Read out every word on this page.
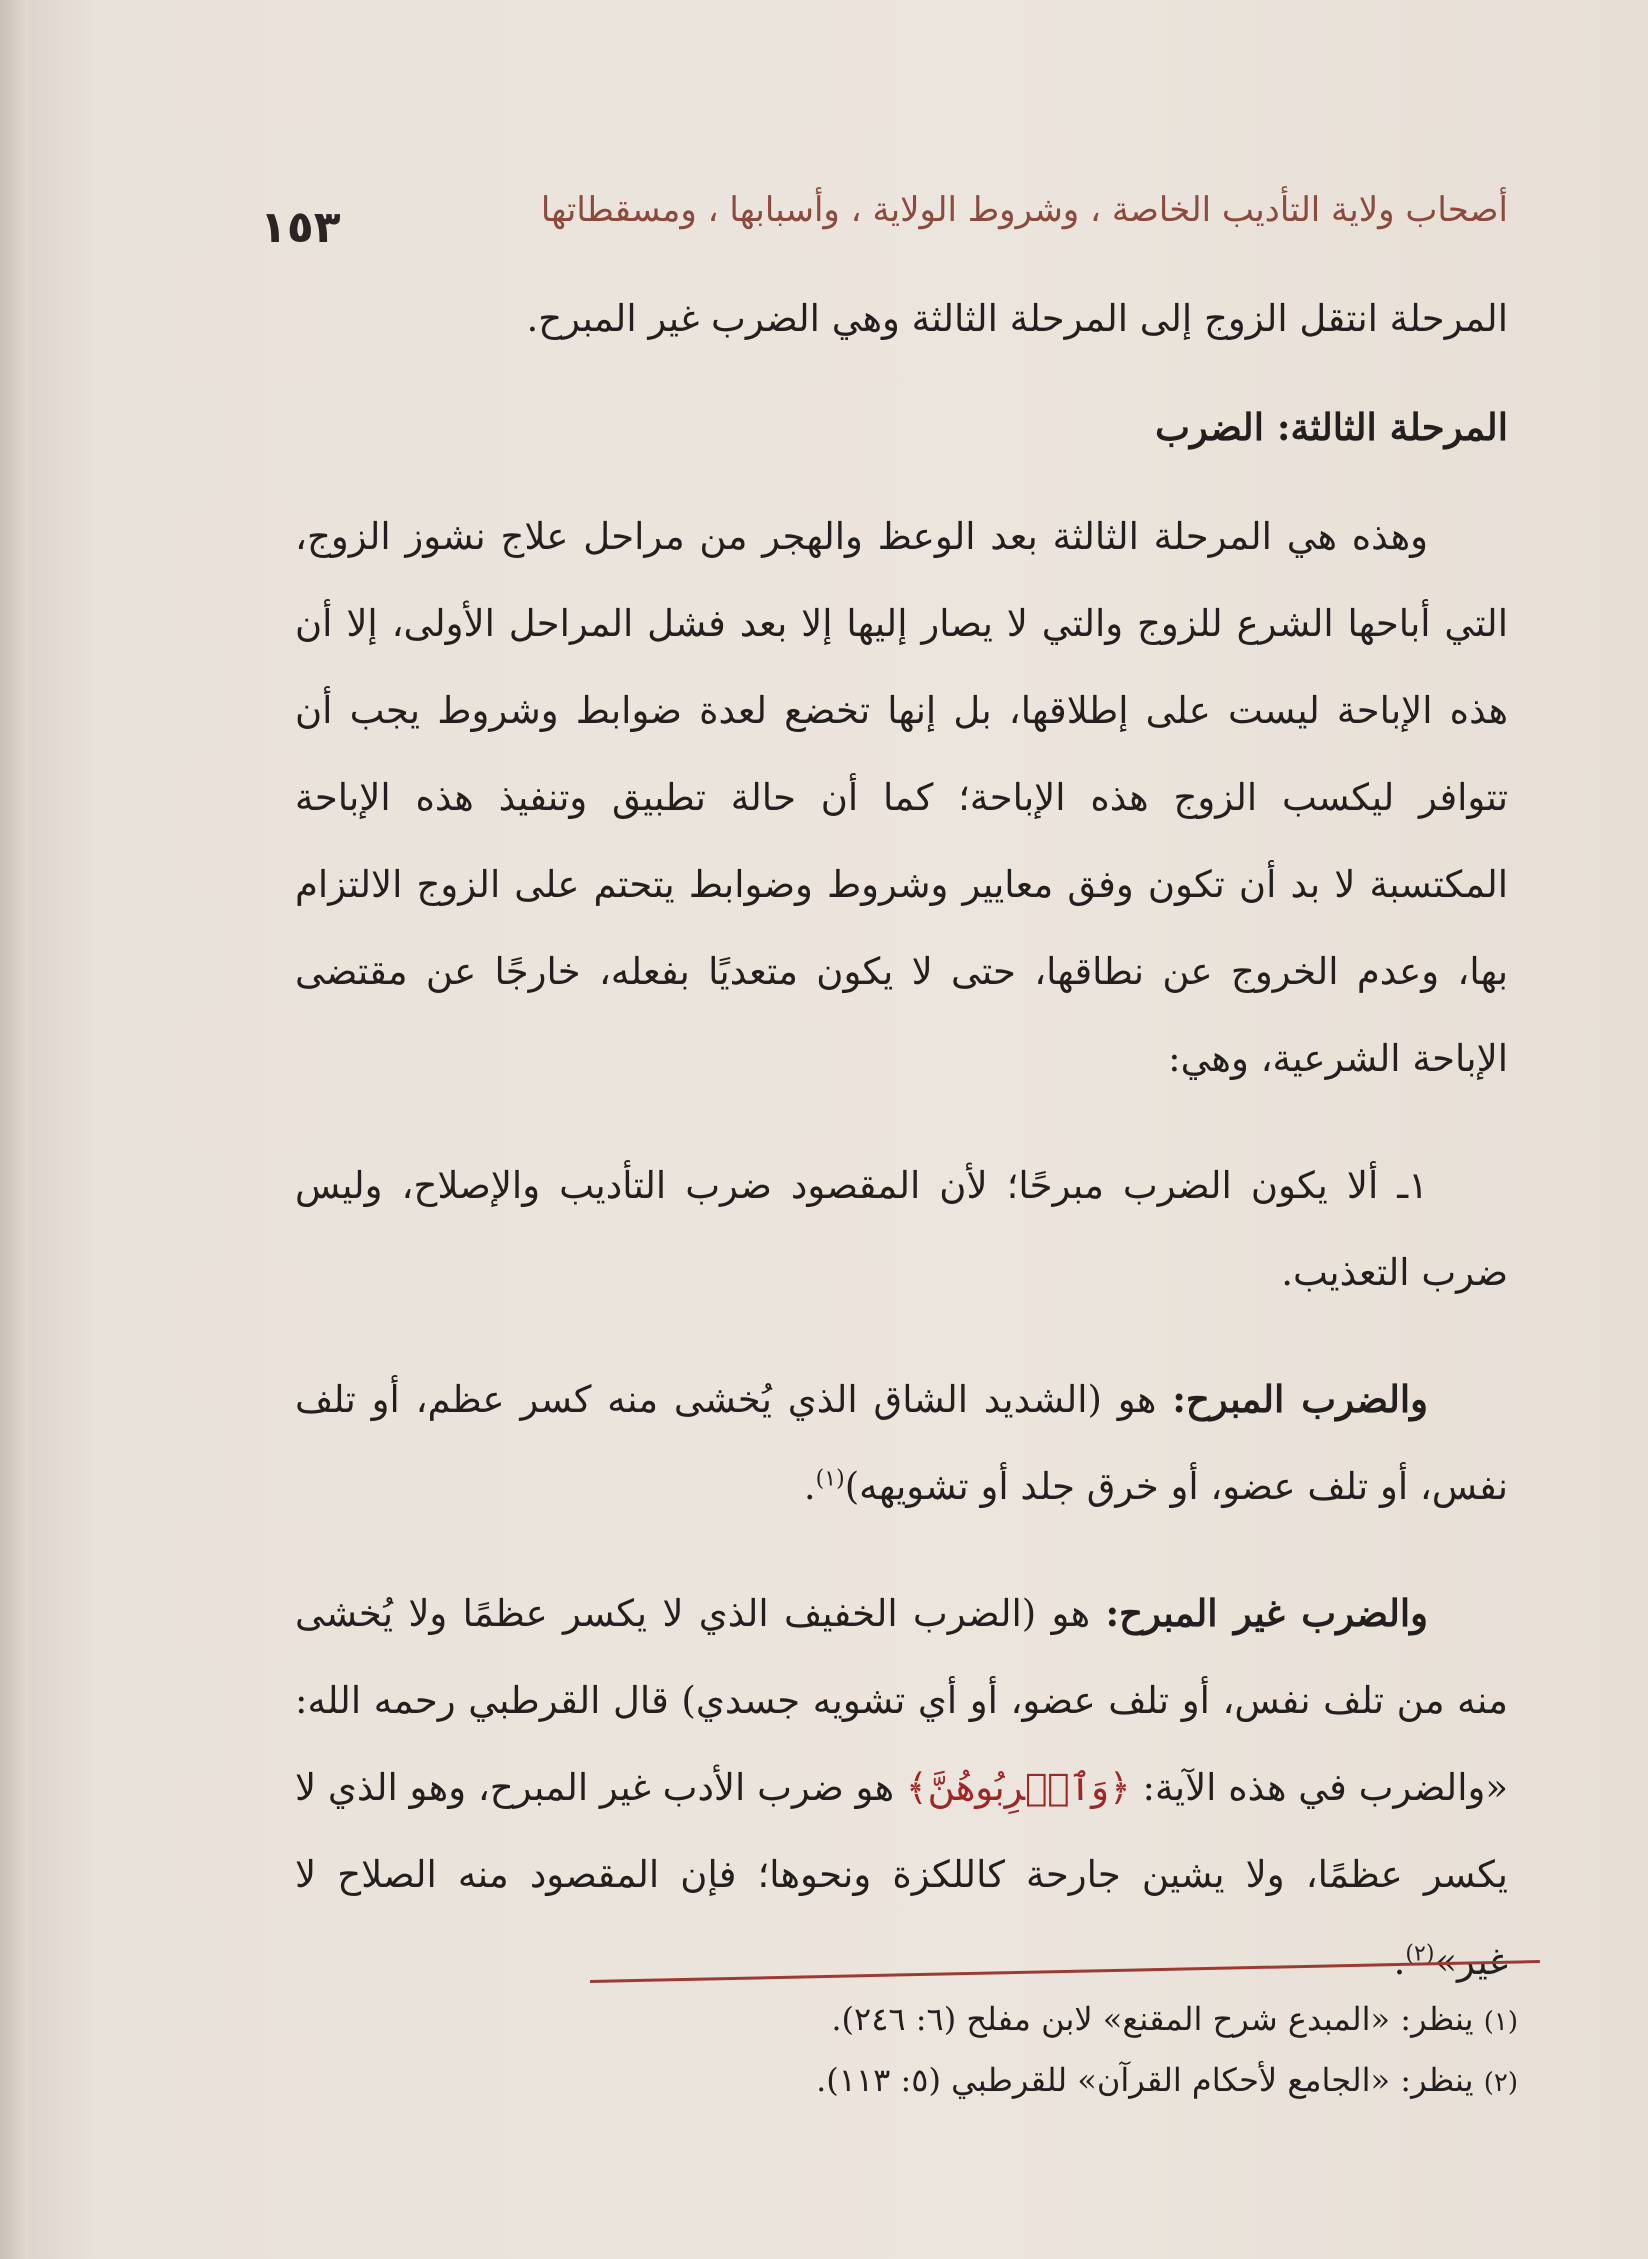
أصحاب ولاية التأديب الخاصة ، وشروط الولاية ، وأسبابها ، ومسقطاتها
١٥٣

المرحلة انتقل الزوج إلى المرحلة الثالثة وهي الضرب غير المبرح.

المرحلة الثالثة: الضرب

وهذه هي المرحلة الثالثة بعد الوعظ والهجر من مراحل علاج نشوز الزوج، التي أباحها الشرع للزوج والتي لا يصار إليها إلا بعد فشل المراحل الأولى، إلا أن هذه الإباحة ليست على إطلاقها، بل إنها تخضع لعدة ضوابط وشروط يجب أن تتوافر ليكسب الزوج هذه الإباحة؛ كما أن حالة تطبيق وتنفيذ هذه الإباحة المكتسبة لا بد أن تكون وفق معايير وشروط وضوابط يتحتم على الزوج الالتزام بها، وعدم الخروج عن نطاقها، حتى لا يكون متعديًا بفعله، خارجًا عن مقتضى الإباحة الشرعية، وهي:

١ـ ألا يكون الضرب مبرحًا؛ لأن المقصود ضرب التأديب والإصلاح، وليس ضرب التعذيب.

والضرب المبرح: هو (الشديد الشاق الذي يُخشى منه كسر عظم، أو تلف نفس، أو تلف عضو، أو خرق جلد أو تشويهه)$^{(١)}$.

والضرب غير المبرح: هو (الضرب الخفيف الذي لا يكسر عظمًا ولا يُخشى منه من تلف نفس، أو تلف عضو، أو أي تشويه جسدي) قال القرطبي رحمه الله: «والضرب في هذه الآية: ﴿وَٱضۡرِبُوهُنَّ﴾ هو ضرب الأدب غير المبرح، وهو الذي لا يكسر عظمًا، ولا يشين جارحة كاللكزة ونحوها؛ فإن المقصود منه الصلاح لا غير»$^{(٢)}$.

(١) ينظر: «المبدع شرح المقنع» لابن مفلح (٦: ٢٤٦).

(٢) ينظر: «الجامع لأحكام القرآن» للقرطبي (٥: ١١٣).
